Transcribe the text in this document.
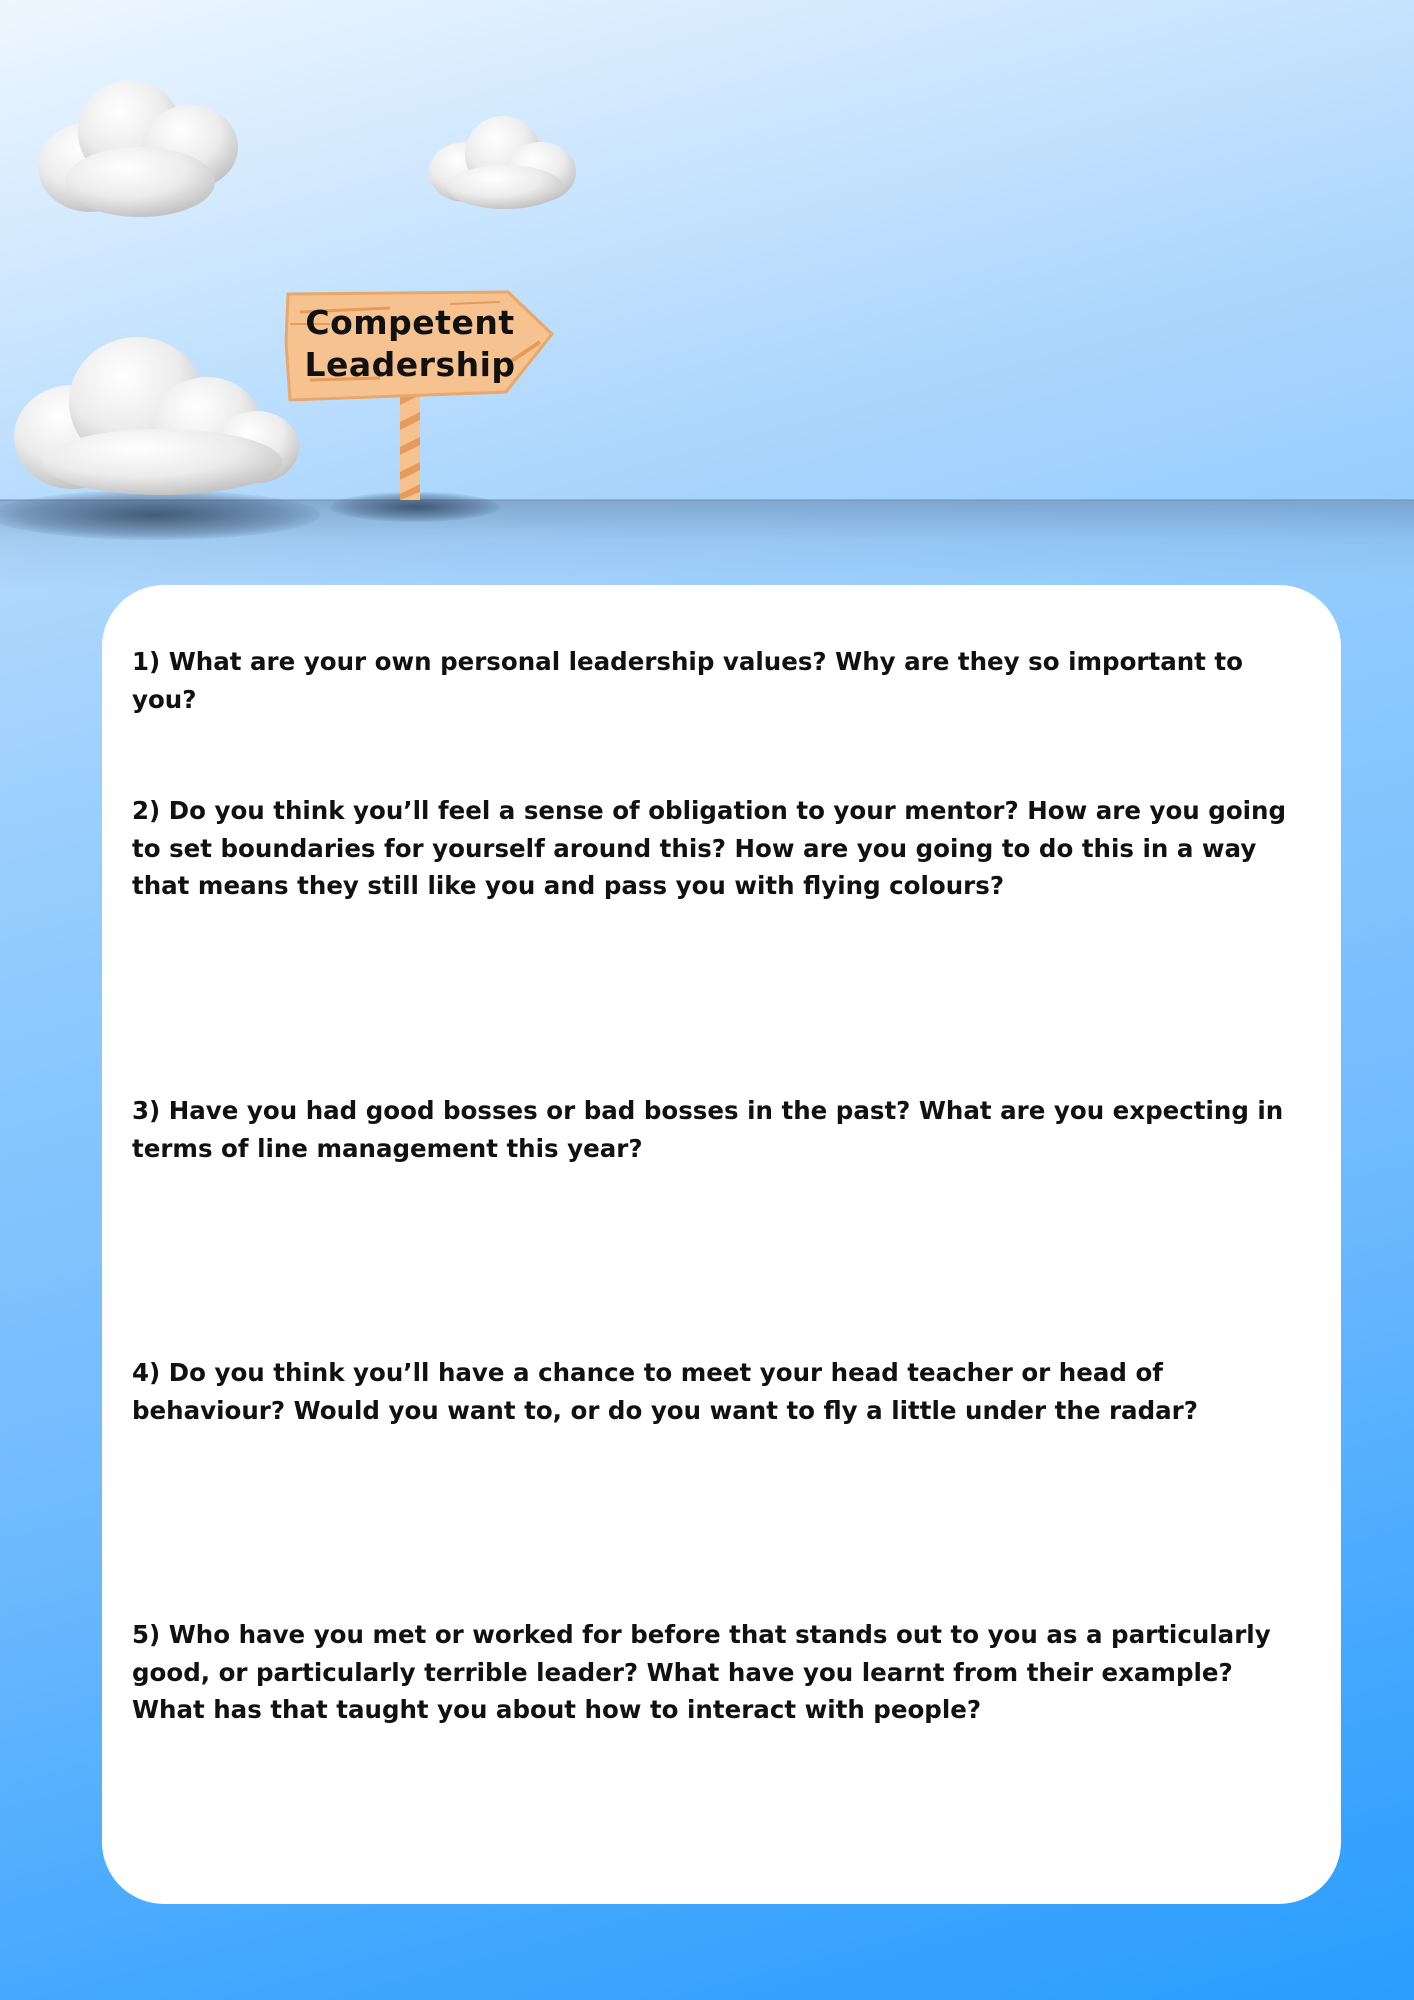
Competent
Leadership

1) What are your own personal leadership values? Why are they so important to you?

2) Do you think you’ll feel a sense of obligation to your mentor? How are you going to set boundaries for yourself around this? How are you going to do this in a way that means they still like you and pass you with flying colours?

3) Have you had good bosses or bad bosses in the past? What are you expecting in terms of line management this year?

4) Do you think you’ll have a chance to meet your head teacher or head of behaviour? Would you want to, or do you want to fly a little under the radar?

5) Who have you met or worked for before that stands out to you as a particularly good, or particularly terrible leader? What have you learnt from their example? What has that taught you about how to interact with people?
